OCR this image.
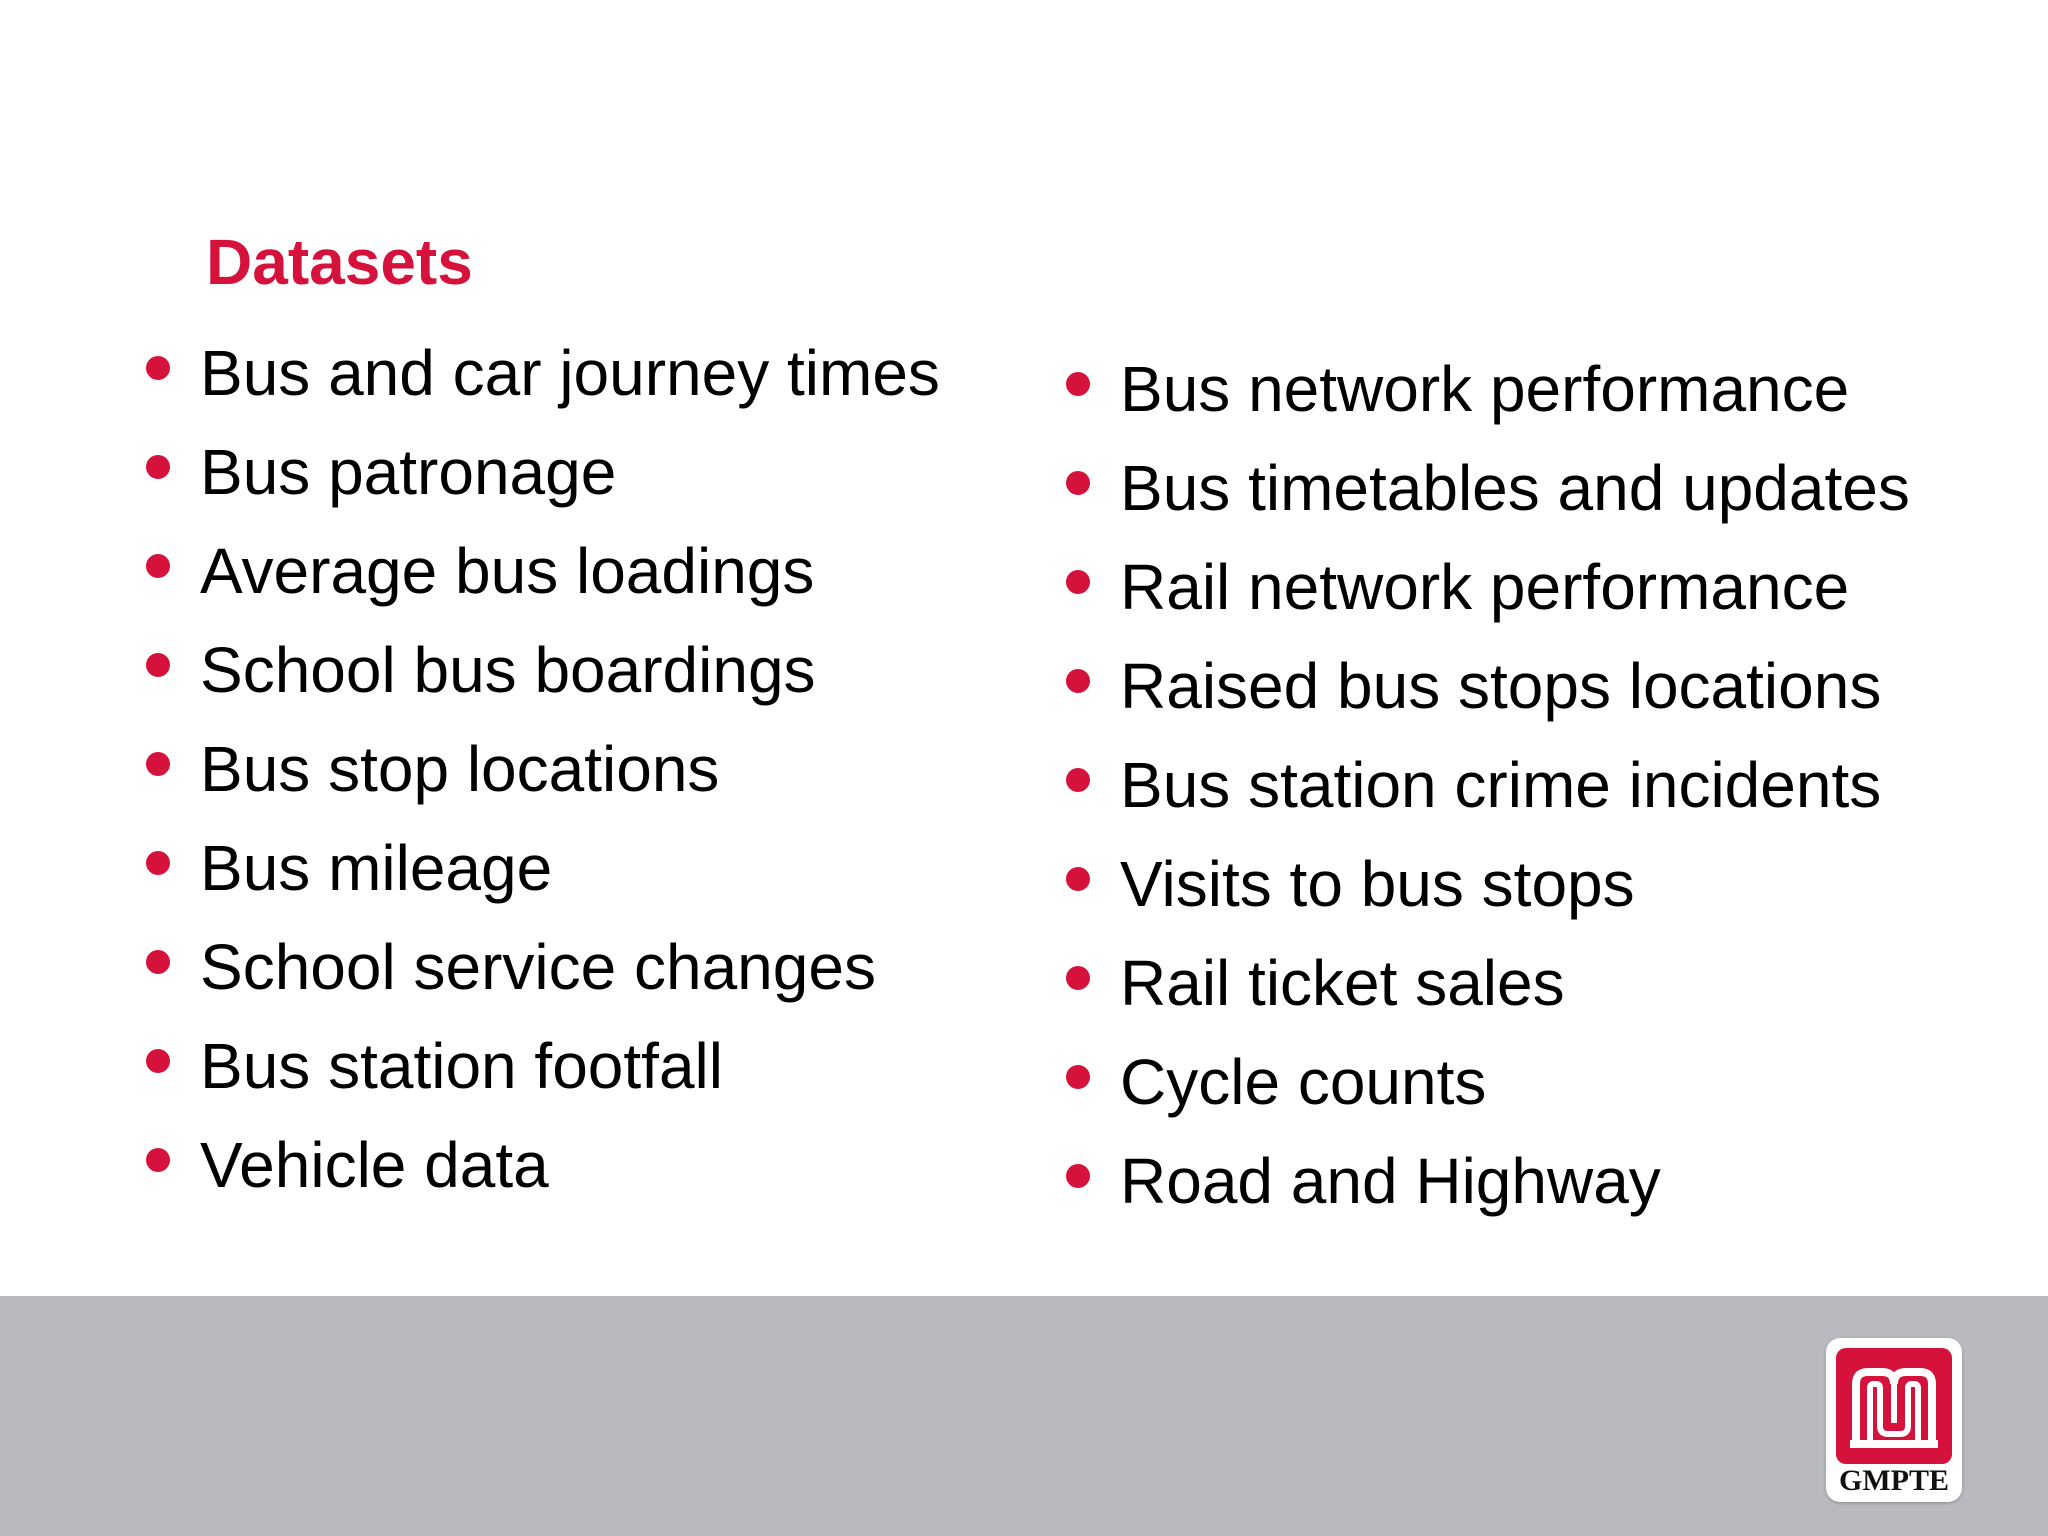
Datasets
Bus and car journey times
Bus patronage
Average bus loadings
School bus boardings
Bus stop locations
Bus mileage
School service changes
Bus station footfall
Vehicle data
Bus network performance
Bus timetables and updates
Rail network performance
Raised bus stops locations
Bus station crime incidents
Visits to bus stops
Rail ticket sales
Cycle counts
Road and Highway
GMPTE
